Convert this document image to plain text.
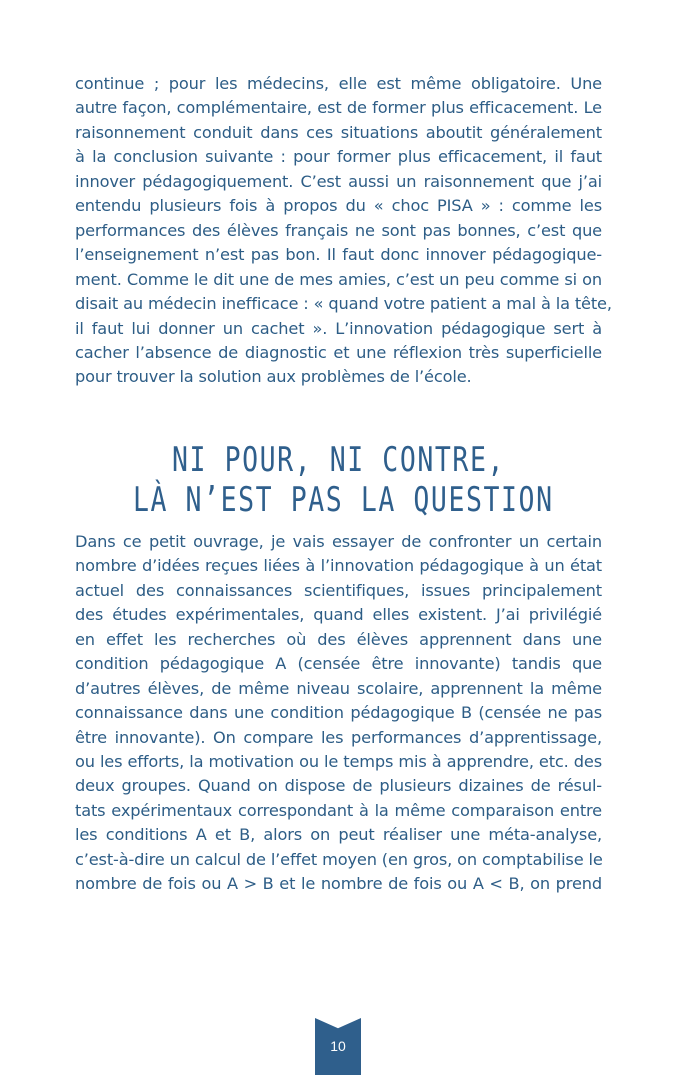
continue ; pour les médecins, elle est même obligatoire. Une
autre façon, complémentaire, est de former plus efficacement. Le
raisonnement conduit dans ces situations aboutit généralement
à la conclusion suivante : pour former plus efficacement, il faut
innover pédagogiquement. C’est aussi un raisonnement que j’ai
entendu plusieurs fois à propos du « choc PISA » : comme les
performances des élèves français ne sont pas bonnes, c’est que
l’enseignement n’est pas bon. Il faut donc innover pédagogique-
ment. Comme le dit une de mes amies, c’est un peu comme si on
disait au médecin inefficace : « quand votre patient a mal à la tête,
il faut lui donner un cachet ». L’innovation pédagogique sert à
cacher l’absence de diagnostic et une réflexion très superficielle
pour trouver la solution aux problèmes de l’école.

NI POUR, NI CONTRE,
LÀ N’EST PAS LA QUESTION

Dans ce petit ouvrage, je vais essayer de confronter un certain
nombre d’idées reçues liées à l’innovation pédagogique à un état
actuel des connaissances scientifiques, issues principalement
des études expérimentales, quand elles existent. J’ai privilégié
en effet les recherches où des élèves apprennent dans une
condition pédagogique A (censée être innovante) tandis que
d’autres élèves, de même niveau scolaire, apprennent la même
connaissance dans une condition pédagogique B (censée ne pas
être innovante). On compare les performances d’apprentissage,
ou les efforts, la motivation ou le temps mis à apprendre, etc. des
deux groupes. Quand on dispose de plusieurs dizaines de résul-
tats expérimentaux correspondant à la même comparaison entre
les conditions A et B, alors on peut réaliser une méta-analyse,
c’est-à-dire un calcul de l’effet moyen (en gros, on comptabilise le
nombre de fois ou A > B et le nombre de fois ou A < B, on prend

10
